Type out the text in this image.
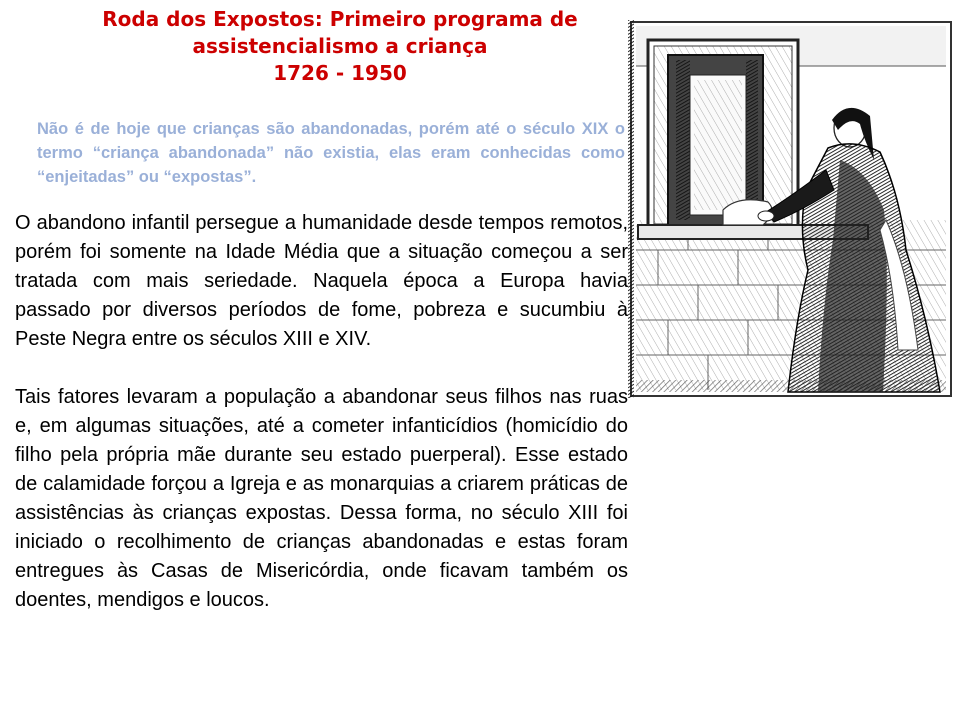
Roda dos Expostos: Primeiro programa de
assistencialismo a criança
1726 - 1950
Não é de hoje que crianças são abandonadas, porém até o século XIX o termo “criança abandonada” não existia, elas eram conhecidas como “enjeitadas” ou “expostas”.

O abandono infantil persegue a humanidade desde tempos remotos, porém foi somente na Idade Média que a situação começou a ser tratada com mais seriedade. Naquela época a Europa havia passado por diversos períodos de fome, pobreza e sucumbiu à Peste Negra entre os séculos XIII e XIV.

Tais fatores levaram a população a abandonar seus filhos nas ruas e, em algumas situações, até a cometer infanticídios (homicídio do filho pela própria mãe durante seu estado puerperal). Esse estado de calamidade forçou a Igreja e as monarquias a criarem práticas de assistências às crianças expostas. Dessa forma, no século XIII foi iniciado o recolhimento de crianças abandonadas e estas foram entregues às Casas de Misericórdia, onde ficavam também os doentes, mendigos e loucos.
